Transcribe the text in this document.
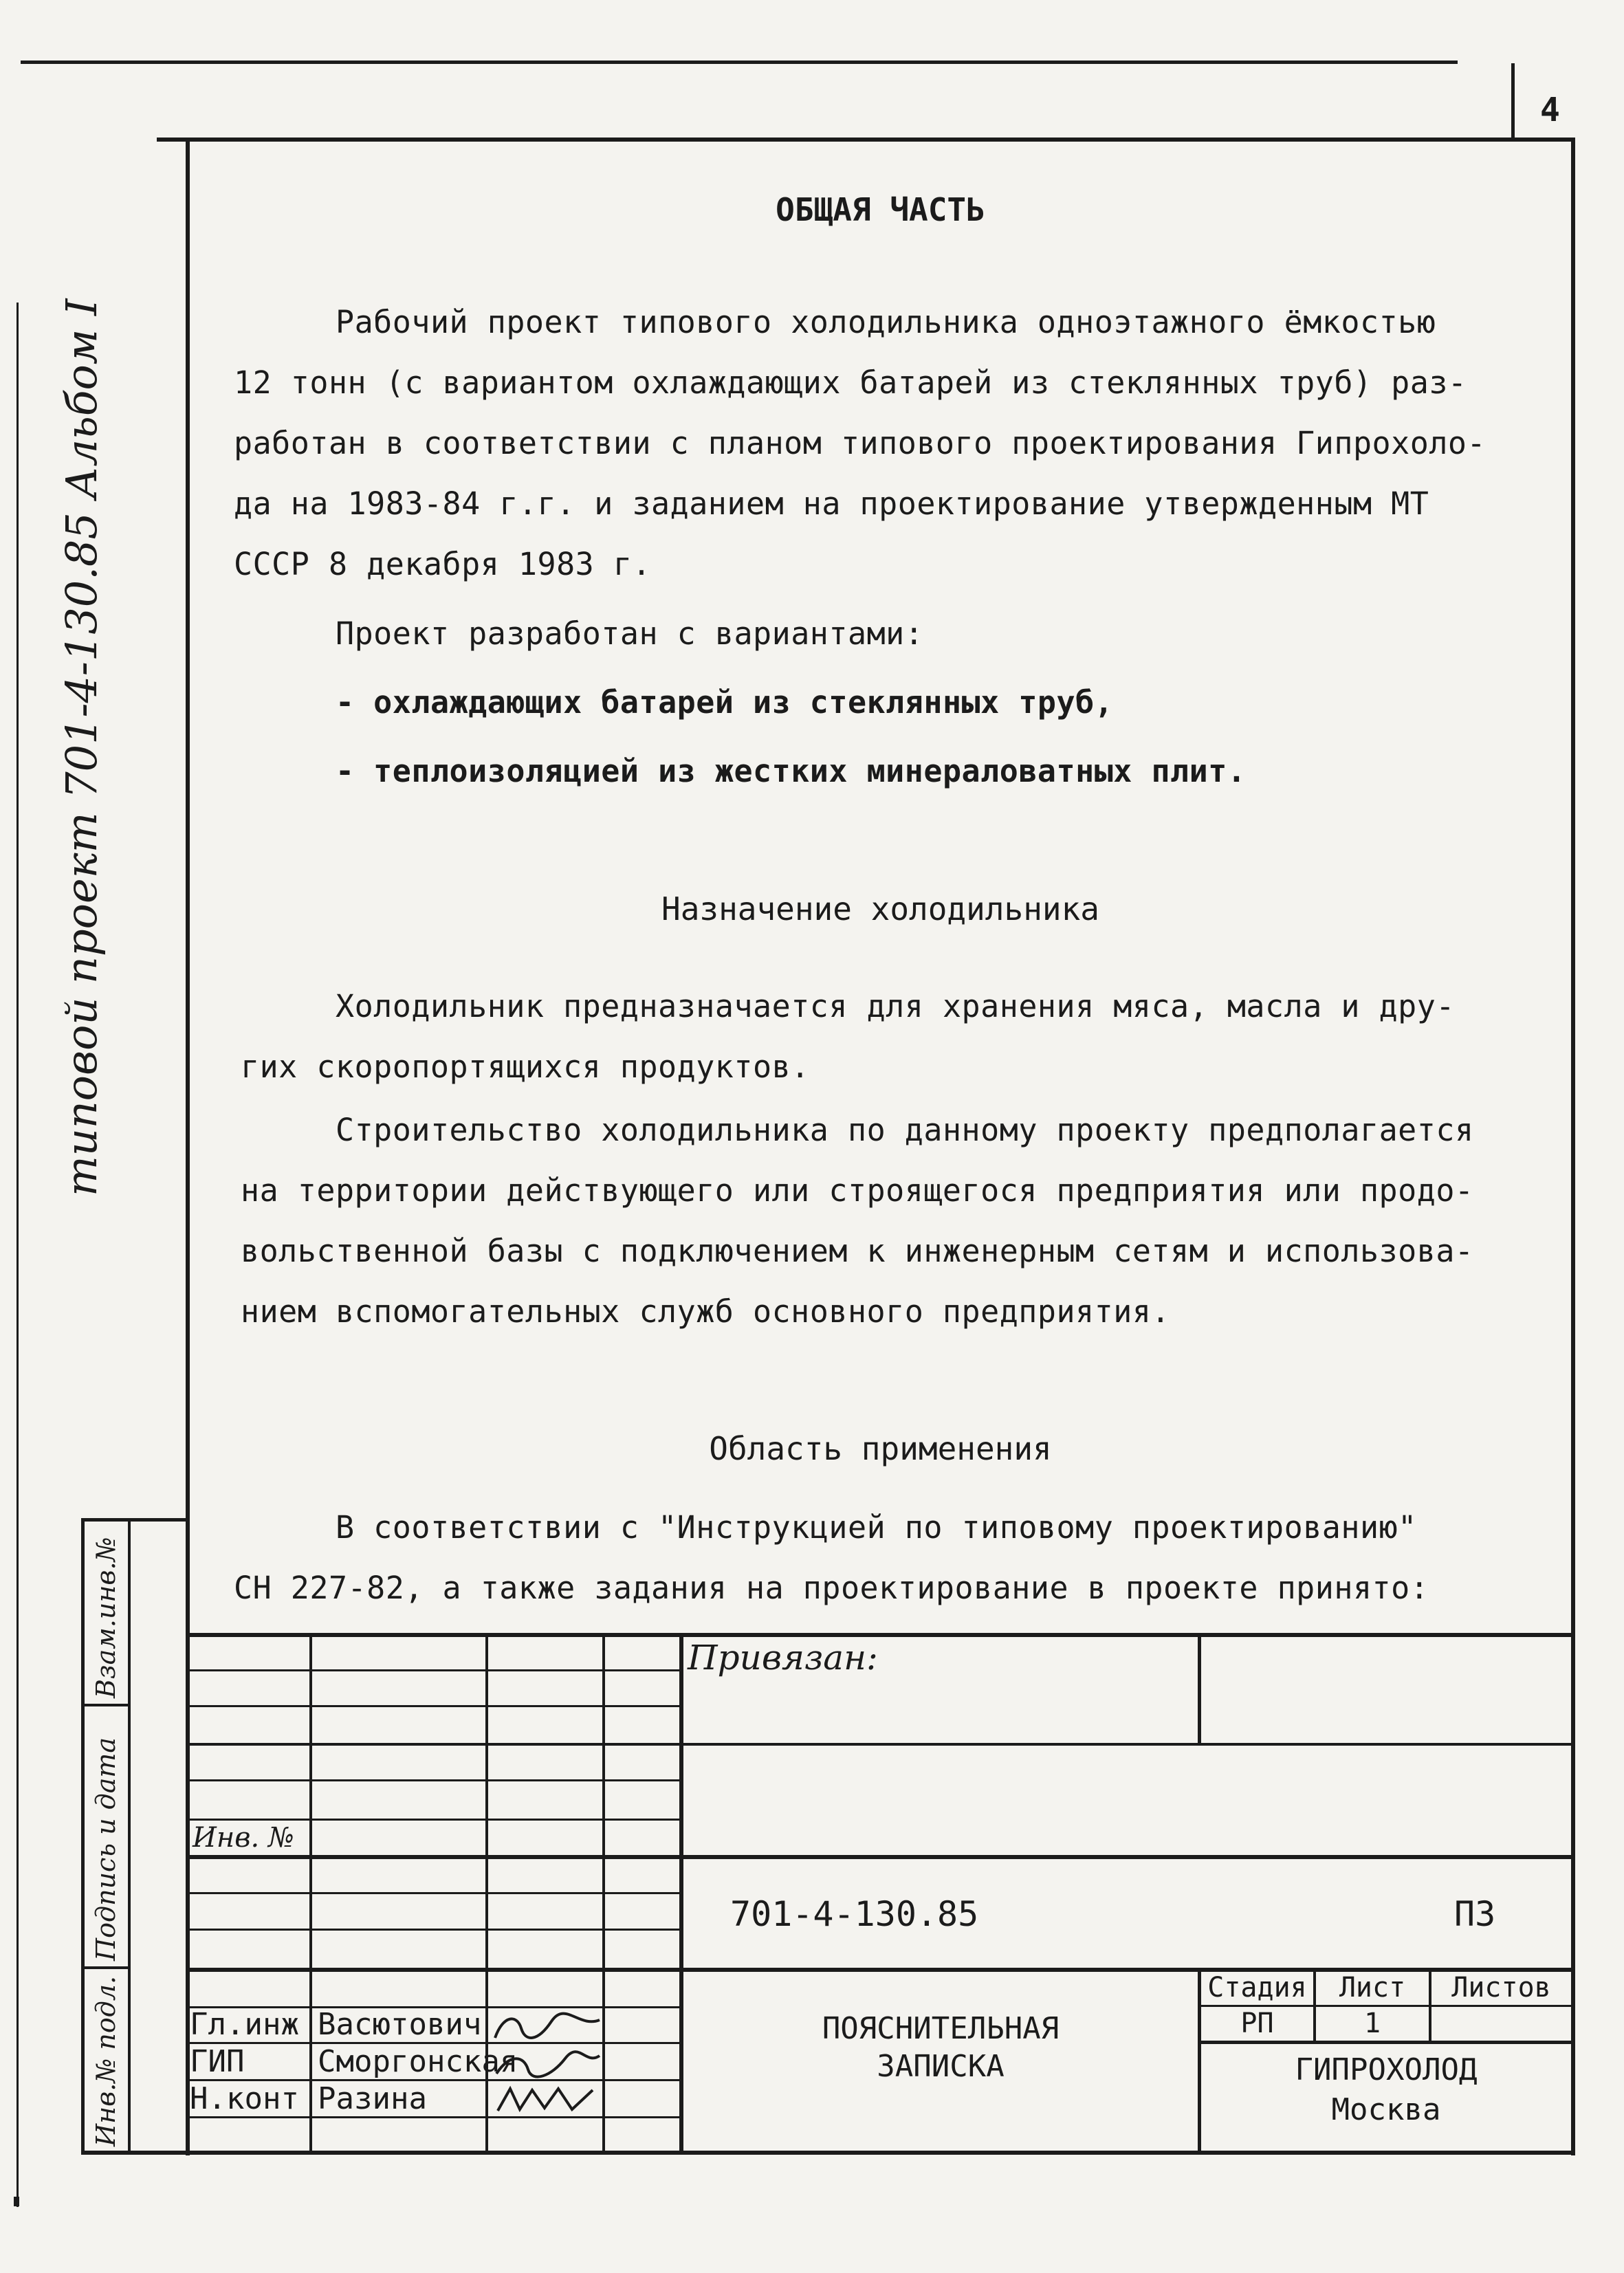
4
типовой проект 701-4-130.85 Альбом I
ОБЩАЯ ЧАСТЬ
Рабочий проект типового холодильника одноэтажного ёмкостью
12 тонн (с вариантом охлаждающих батарей из стеклянных труб) раз-
работан в соответствии с планом типового проектирования Гипрохоло-
да на 1983-84 г.г. и заданием на проектирование утвержденным МТ
СССР 8 декабря 1983 г.
Проект разработан с вариантами:
- охлаждающих батарей из стеклянных труб,
- теплоизоляцией из жестких минераловатных плит.
Назначение холодильника
Холодильник предназначается для хранения мяса, масла и дру-
гих скоропортящихся продуктов.
Строительство холодильника по данному проекту предполагается
на территории действующего или строящегося предприятия или продо-
вольственной базы с подключением к инженерным сетям и использова-
нием вспомогательных служб основного предприятия.
Область применения
В соответствии с "Инструкцией по типовому проектированию"
СН 227-82, а также задания на проектирование в проекте принято:
Взам.инв.№
Подпись и дата
Инв.№ подл.
Привязан:
Инв. №
701-4-130.85	ПЗ
Гл.инж Васютович
ГИП Сморгонская
Н.конт Разина
ПОЯСНИТЕЛЬНАЯ
ЗАПИСКА
Стадия	Лист	Листов
РП	1
ГИПРОХОЛОД
Москва
